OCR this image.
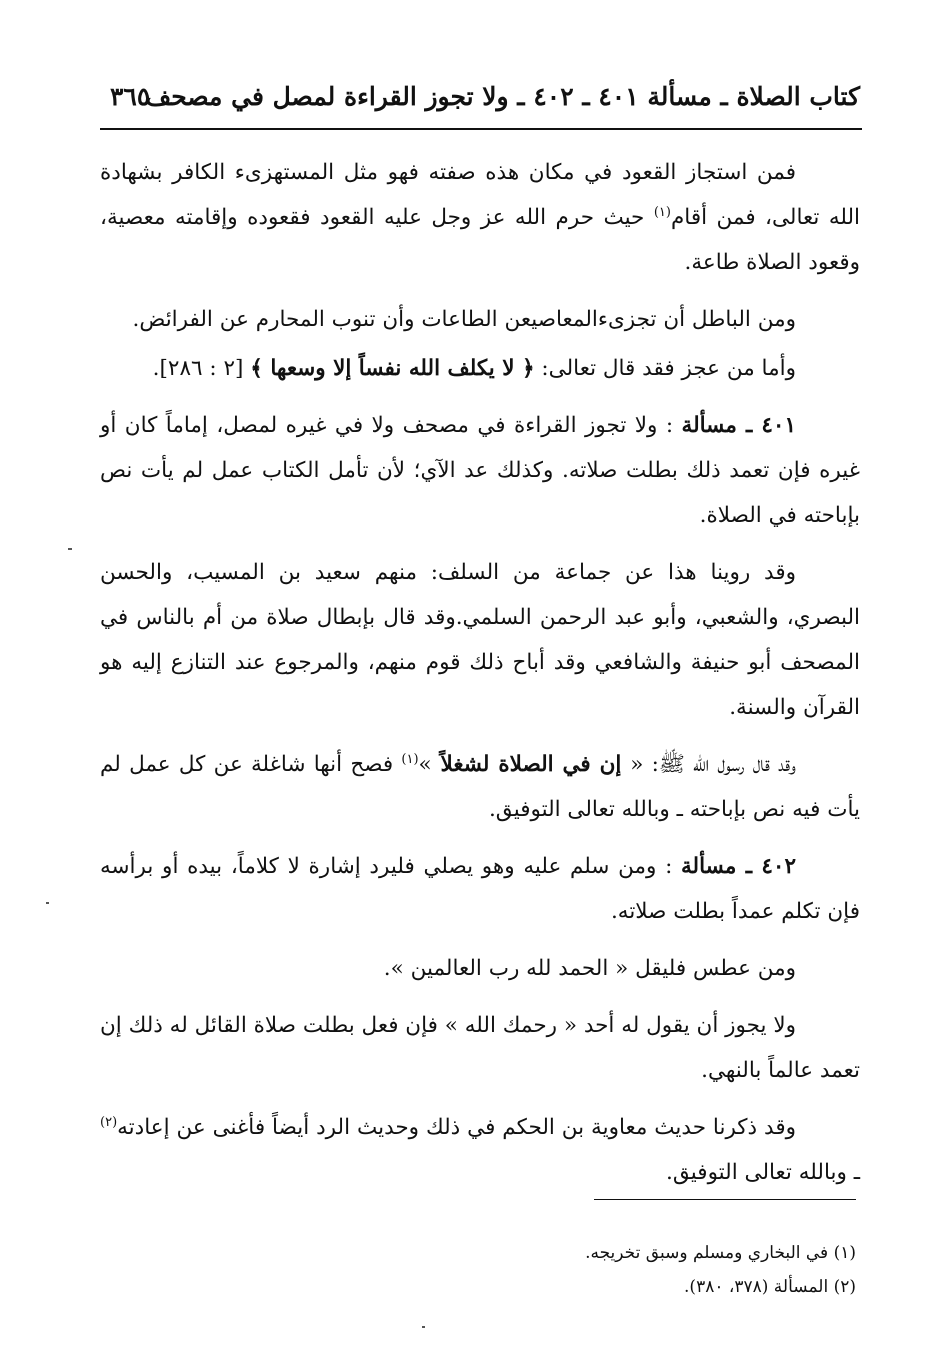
كتاب الصلاة ـ مسألة ٤٠١ ـ ٤٠٢ ـ ولا تجوز القراءة لمصل في مصحف
٣٦٥

فمن استجاز القعود في مكان هذه صفته فهو مثل المستهزىء الكافر بشهادة الله تعالى، فمن أقام$^{(١)}$ حيث حرم الله عز وجل عليه القعود فقعوده وإقامته معصية، وقعود الصلاة طاعة.

ومن الباطل أن تجزىءالمعاصيعن الطاعات وأن تنوب المحارم عن الفرائض.

وأما من عجز فقد قال تعالى: ﴿ لا يكلف الله نفساً إلا وسعها ﴾ [٢ : ٢٨٦].

٤٠١ ـ مسألة : ولا تجوز القراءة في مصحف ولا في غيره لمصل، إماماً كان أو غيره فإن تعمد ذلك بطلت صلاته. وكذلك عد الآي؛ لأن تأمل الكتاب عمل لم يأت نص بإباحته في الصلاة.

وقد روينا هذا عن جماعة من السلف: منهم سعيد بن المسيب، والحسن البصري، والشعبي، وأبو عبد الرحمن السلمي.وقد قال بإبطال صلاة من أم بالناس في المصحف أبو حنيفة والشافعي وقد أباح ذلك قوم منهم، والمرجوع عند التنازع إليه هو القرآن والسنة.

وقد قال رسول الله ﷺ: « إن في الصلاة لشغلاً »$^{(١)}$ فصح أنها شاغلة عن كل عمل لم يأت فيه نص بإباحته ـ وبالله تعالى التوفيق.

٤٠٢ ـ مسألة : ومن سلم عليه وهو يصلي فليرد إشارة لا كلاماً، بيده أو برأسه فإن تكلم عمداً بطلت صلاته.

ومن عطس فليقل « الحمد لله رب العالمين ».

ولا يجوز أن يقول له أحد « رحمك الله » فإن فعل بطلت صلاة القائل له ذلك إن تعمد عالماً بالنهي.

وقد ذكرنا حديث معاوية بن الحكم في ذلك وحديث الرد أيضاً فأغنى عن إعادته$^{(٢)}$ ـ وبالله تعالى التوفيق.

(١) في البخاري ومسلم وسبق تخريجه.

(٢) المسألة (٣٧٨، ٣٨٠).
